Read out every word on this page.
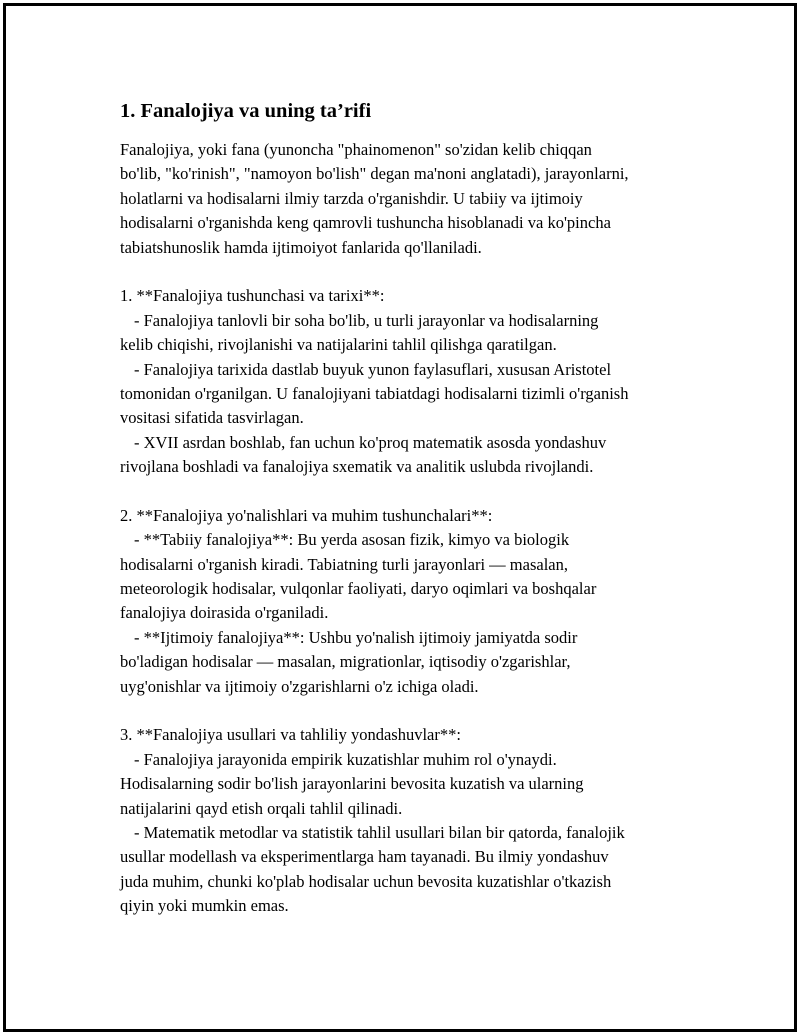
1. Fanalojiya va uning ta’rifi
Fanalojiya, yoki fana (yunoncha "phainomenon" so'zidan kelib chiqqan
bo'lib, "ko'rinish", "namoyon bo'lish" degan ma'noni anglatadi), jarayonlarni,
holatlarni va hodisalarni ilmiy tarzda o'rganishdir. U tabiiy va ijtimoiy
hodisalarni o'rganishda keng qamrovli tushuncha hisoblanadi va ko'pincha
tabiatshunoslik hamda ijtimoiyot fanlarida qo'llaniladi.
1. **Fanalojiya tushunchasi va tarixi**:
- Fanalojiya tanlovli bir soha bo'lib, u turli jarayonlar va hodisalarning
kelib chiqishi, rivojlanishi va natijalarini tahlil qilishga qaratilgan.
- Fanalojiya tarixida dastlab buyuk yunon faylasuflari, xususan Aristotel
tomonidan o'rganilgan. U fanalojiyani tabiatdagi hodisalarni tizimli o'rganish
vositasi sifatida tasvirlagan.
- XVII asrdan boshlab, fan uchun ko'proq matematik asosda yondashuv
rivojlana boshladi va fanalojiya sxematik va analitik uslubda rivojlandi.
2. **Fanalojiya yo'nalishlari va muhim tushunchalari**:
- **Tabiiy fanalojiya**: Bu yerda asosan fizik, kimyo va biologik
hodisalarni o'rganish kiradi. Tabiatning turli jarayonlari — masalan,
meteorologik hodisalar, vulqonlar faoliyati, daryo oqimlari va boshqalar
fanalojiya doirasida o'rganiladi.
- **Ijtimoiy fanalojiya**: Ushbu yo'nalish ijtimoiy jamiyatda sodir
bo'ladigan hodisalar — masalan, migrationlar, iqtisodiy o'zgarishlar,
uyg'onishlar va ijtimoiy o'zgarishlarni o'z ichiga oladi.
3. **Fanalojiya usullari va tahliliy yondashuvlar**:
- Fanalojiya jarayonida empirik kuzatishlar muhim rol o'ynaydi.
Hodisalarning sodir bo'lish jarayonlarini bevosita kuzatish va ularning
natijalarini qayd etish orqali tahlil qilinadi.
- Matematik metodlar va statistik tahlil usullari bilan bir qatorda, fanalojik
usullar modellash va eksperimentlarga ham tayanadi. Bu ilmiy yondashuv
juda muhim, chunki ko'plab hodisalar uchun bevosita kuzatishlar o'tkazish
qiyin yoki mumkin emas.
